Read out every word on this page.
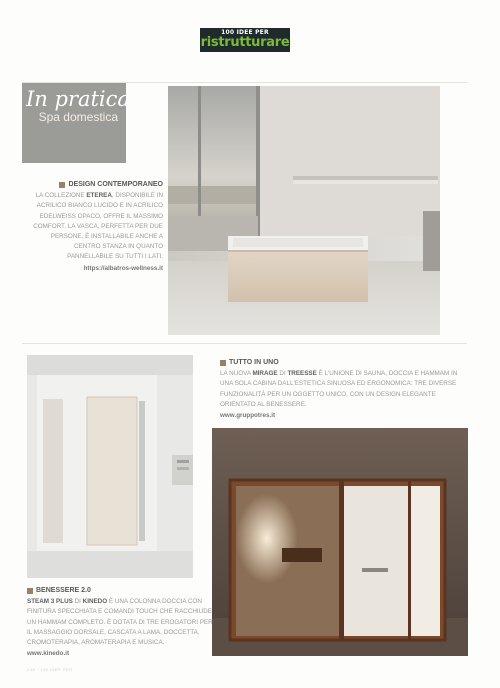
100 IDEE PER
ristrutturare
In pratica
Spa domestica
DESIGN CONTEMPORANEO
LA COLLEZIONE ETEREA, DISPONIBILE IN ACRILICO BIANCO LUCIDO E IN ACRILICO EDELWEISS OPACO, OFFRE IL MASSIMO COMFORT. LA VASCA, PERFETTA PER DUE PERSONE, È INSTALLABILE ANCHE A CENTRO STANZA IN QUANTO PANNELLABILE SU TUTTI I LATI.
https://albatros-wellness.it
TUTTO IN UNO
LA NUOVA MIRAGE DI TREESSE È L'UNIONE DI SAUNA, DOCCIA E HAMMAM IN UNA SOLA CABINA DALL'ESTETICA SINUOSA ED ERGONOMICA: TRE DIVERSE FUNZIONALITÀ PER UN OGGETTO UNICO, CON UN DESIGN ELEGANTE ORIENTATO AL BENESSERE.
www.gruppotres.it
BENESSERE 2.0
STEAM 3 PLUS DI KINEDO È UNA COLONNA DOCCIA CON FINITURA SPECCHIATA E COMANDI TOUCH CHE RACCHIUDE UN HAMMAM COMPLETO. È DOTATA DI TRE EROGATORI PER IL MASSAGGIO DORSALE, CASCATA A LAMA, DOCCETTA, CROMOTERAPIA, AROMATERAPIA E MUSICA.
www.kinedo.it
248 · 100 IDEE PER
